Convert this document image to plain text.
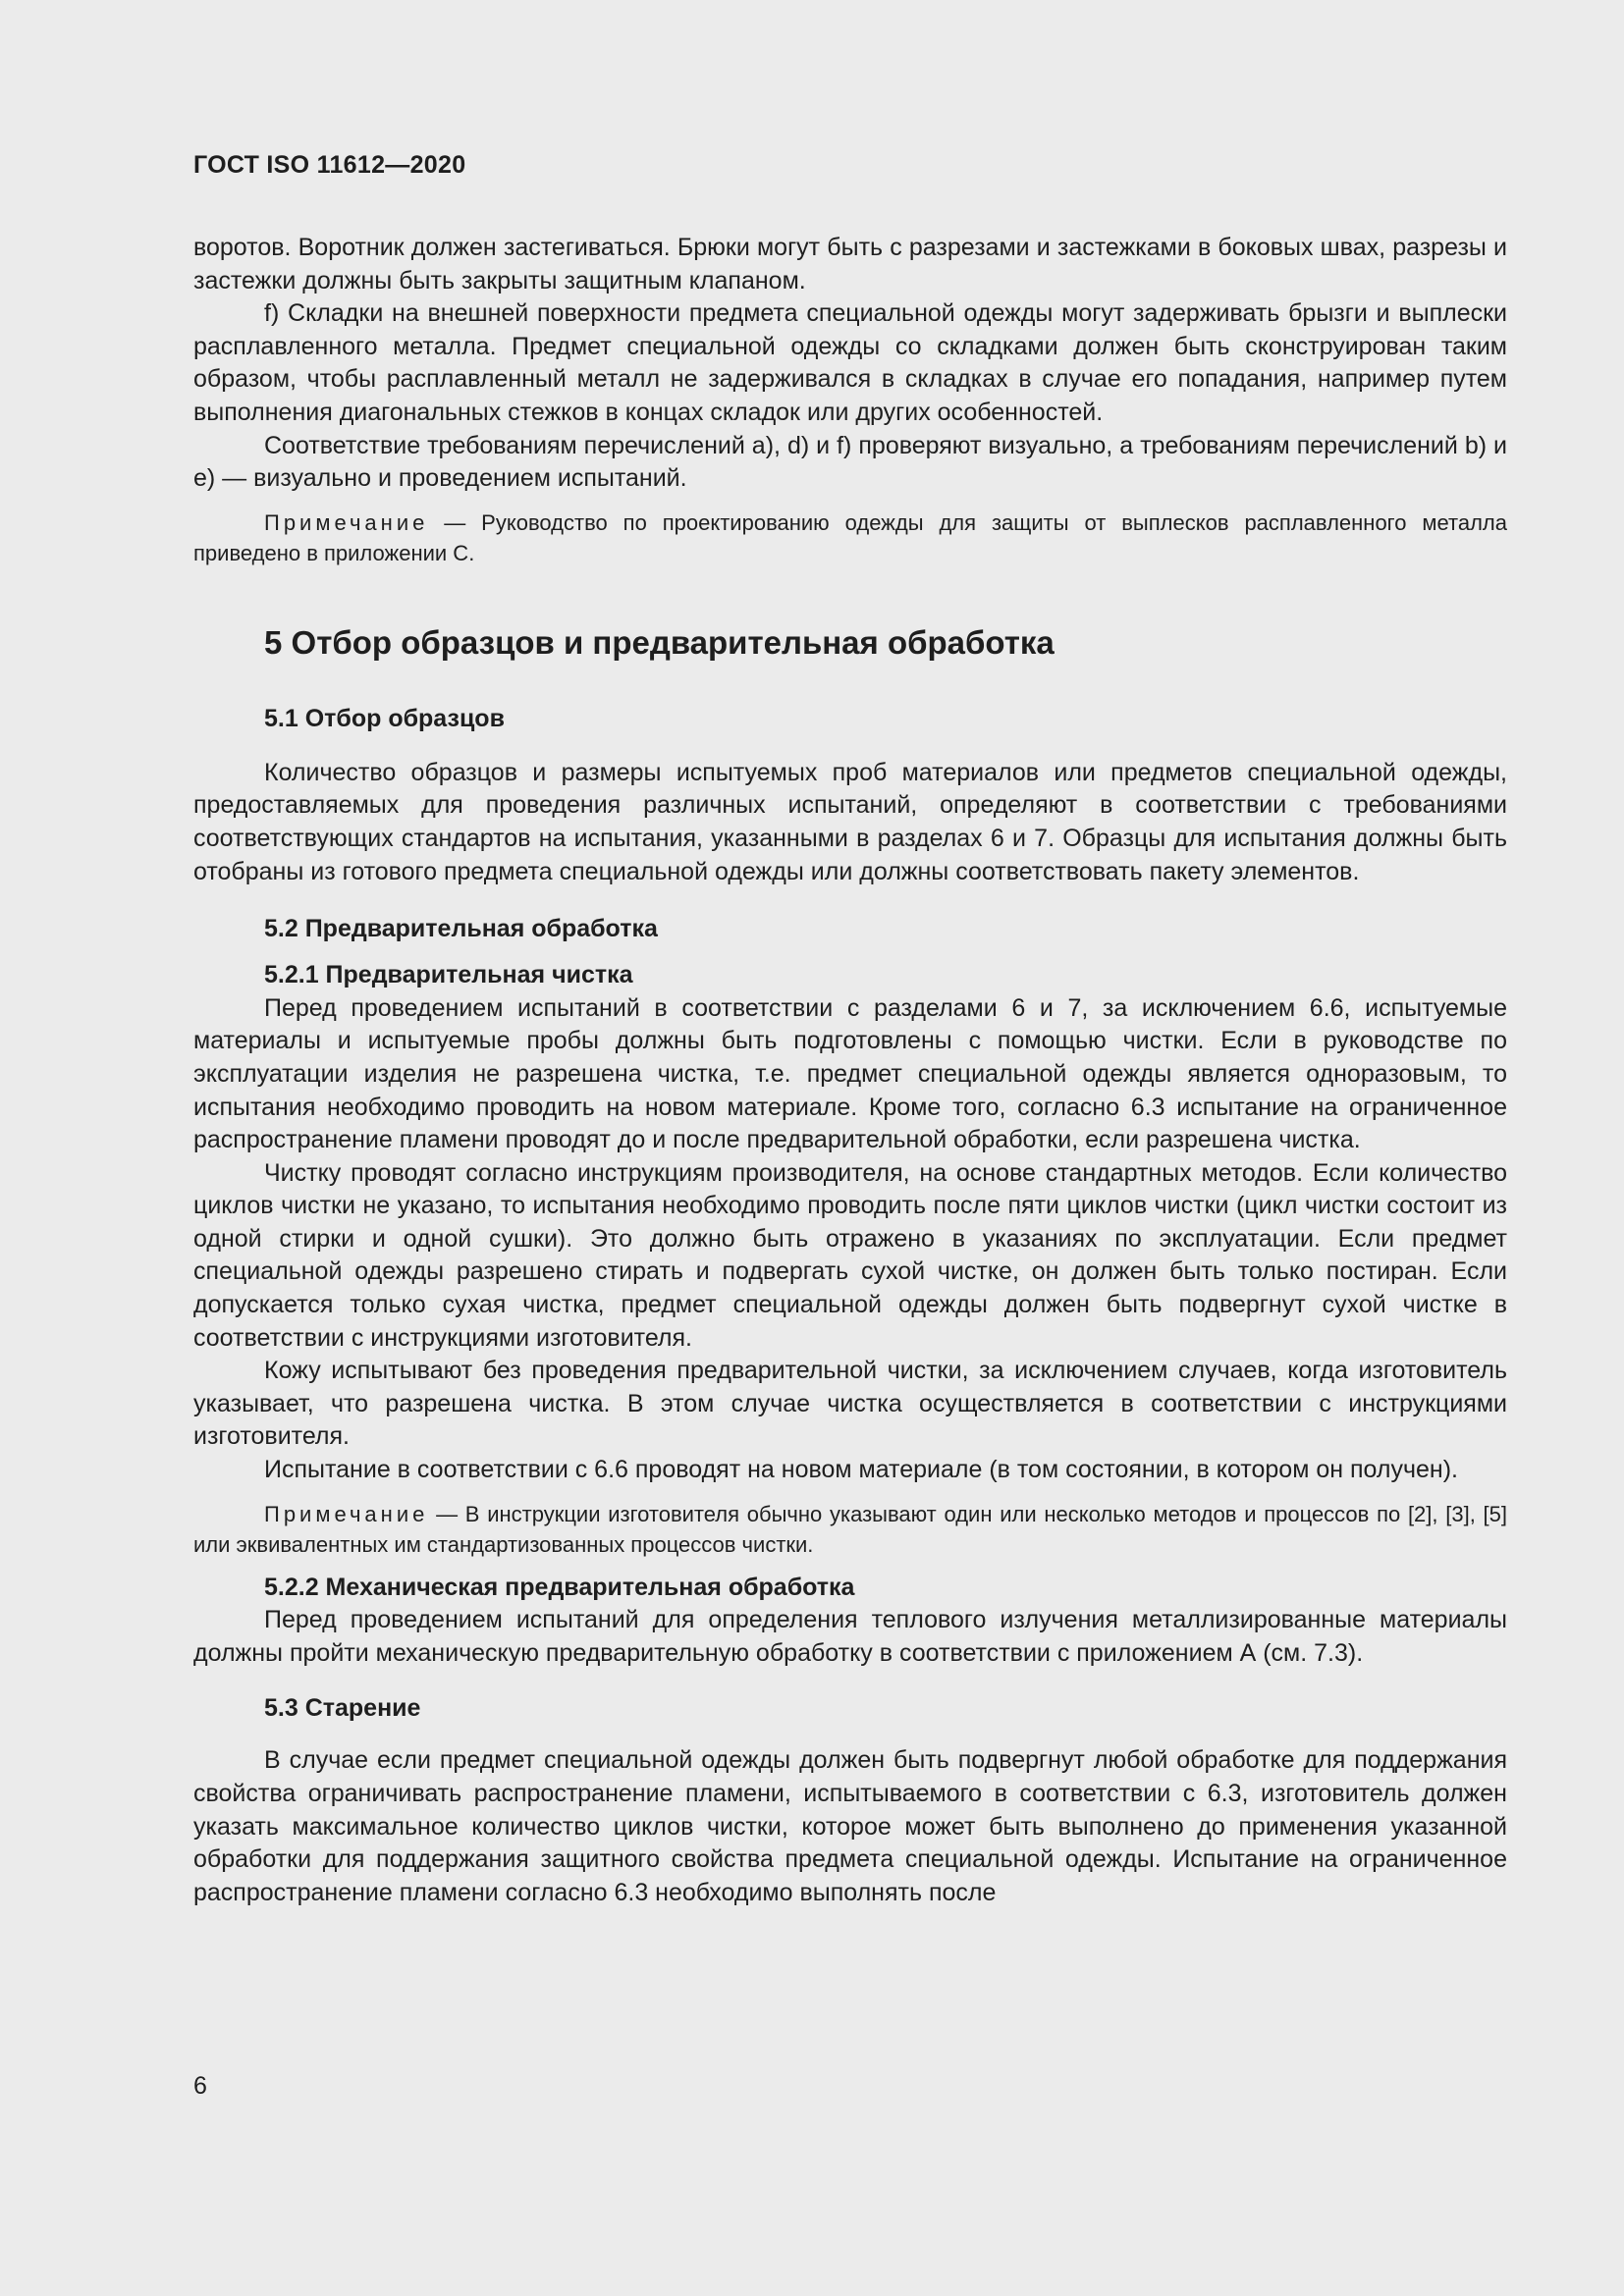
ГОСТ ISO 11612—2020

воротов. Воротник должен застегиваться. Брюки могут быть с разрезами и застежками в боковых швах, разрезы и застежки должны быть закрыты защитным клапаном.

f) Складки на внешней поверхности предмета специальной одежды могут задерживать брызги и выплески расплавленного металла. Предмет специальной одежды со складками должен быть сконструирован таким образом, чтобы расплавленный металл не задерживался в складках в случае его попадания, например путем выполнения диагональных стежков в концах складок или других особенностей.

Соответствие требованиям перечислений a), d) и f) проверяют визуально, а требованиям перечислений b) и e) — визуально и проведением испытаний.

Примечание — Руководство по проектированию одежды для защиты от выплесков расплавленного металла приведено в приложении С.

5 Отбор образцов и предварительная обработка
5.1 Отбор образцов

Количество образцов и размеры испытуемых проб материалов или предметов специальной одежды, предоставляемых для проведения различных испытаний, определяют в соответствии с требованиями соответствующих стандартов на испытания, указанными в разделах 6 и 7. Образцы для испытания должны быть отобраны из готового предмета специальной одежды или должны соответствовать пакету элементов.

5.2 Предварительная обработка
5.2.1 Предварительная чистка

Перед проведением испытаний в соответствии с разделами 6 и 7, за исключением 6.6, испытуемые материалы и испытуемые пробы должны быть подготовлены с помощью чистки. Если в руководстве по эксплуатации изделия не разрешена чистка, т.е. предмет специальной одежды является одноразовым, то испытания необходимо проводить на новом материале. Кроме того, согласно 6.3 испытание на ограниченное распространение пламени проводят до и после предварительной обработки, если разрешена чистка.

Чистку проводят согласно инструкциям производителя, на основе стандартных методов. Если количество циклов чистки не указано, то испытания необходимо проводить после пяти циклов чистки (цикл чистки состоит из одной стирки и одной сушки). Это должно быть отражено в указаниях по эксплуатации. Если предмет специальной одежды разрешено стирать и подвергать сухой чистке, он должен быть только постиран. Если допускается только сухая чистка, предмет специальной одежды должен быть подвергнут сухой чистке в соответствии с инструкциями изготовителя.

Кожу испытывают без проведения предварительной чистки, за исключением случаев, когда изготовитель указывает, что разрешена чистка. В этом случае чистка осуществляется в соответствии с инструкциями изготовителя.

Испытание в соответствии с 6.6 проводят на новом материале (в том состоянии, в котором он получен).

Примечание — В инструкции изготовителя обычно указывают один или несколько методов и процессов по [2], [3], [5] или эквивалентных им стандартизованных процессов чистки.

5.2.2 Механическая предварительная обработка

Перед проведением испытаний для определения теплового излучения металлизированные материалы должны пройти механическую предварительную обработку в соответствии с приложением А (см. 7.3).

5.3 Старение

В случае если предмет специальной одежды должен быть подвергнут любой обработке для поддержания свойства ограничивать распространение пламени, испытываемого в соответствии с 6.3, изготовитель должен указать максимальное количество циклов чистки, которое может быть выполнено до применения указанной обработки для поддержания защитного свойства предмета специальной одежды. Испытание на ограниченное распространение пламени согласно 6.3 необходимо выполнять после

6
